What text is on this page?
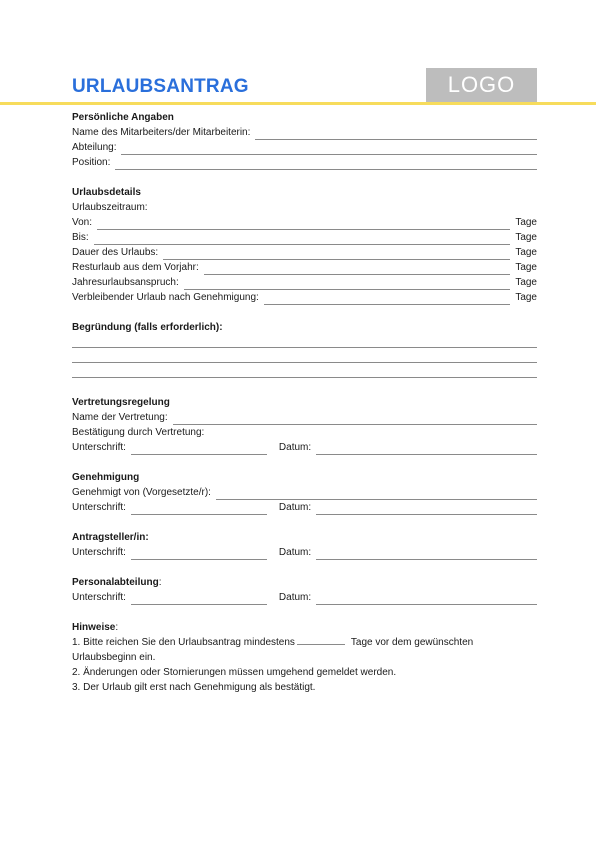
URLAUBSANTRAG	LOGO
Persönliche Angaben
Name des Mitarbeiters/der Mitarbeiterin:
Abteilung:
Position:
Urlaubsdetails
Urlaubszeitraum:
Von:	Tage
Bis:	Tage
Dauer des Urlaubs:	Tage
Resturlaub aus dem Vorjahr:	Tage
Jahresurlaubsanspruch:	Tage
Verbleibender Urlaub nach Genehmigung:	Tage
Begründung (falls erforderlich):
Vertretungsregelung
Name der Vertretung:
Bestätigung durch Vertretung:
Unterschrift:	Datum:
Genehmigung
Genehmigt von (Vorgesetzte/r):
Unterschrift:	Datum:
Antragsteller/in:
Unterschrift:	Datum:
Personalabteilung:
Unterschrift:	Datum:
Hinweise:
1. Bitte reichen Sie den Urlaubsantrag mindestens	Tage vor dem gewünschten
Urlaubsbeginn ein.
2. Änderungen oder Stornierungen müssen umgehend gemeldet werden.
3. Der Urlaub gilt erst nach Genehmigung als bestätigt.
